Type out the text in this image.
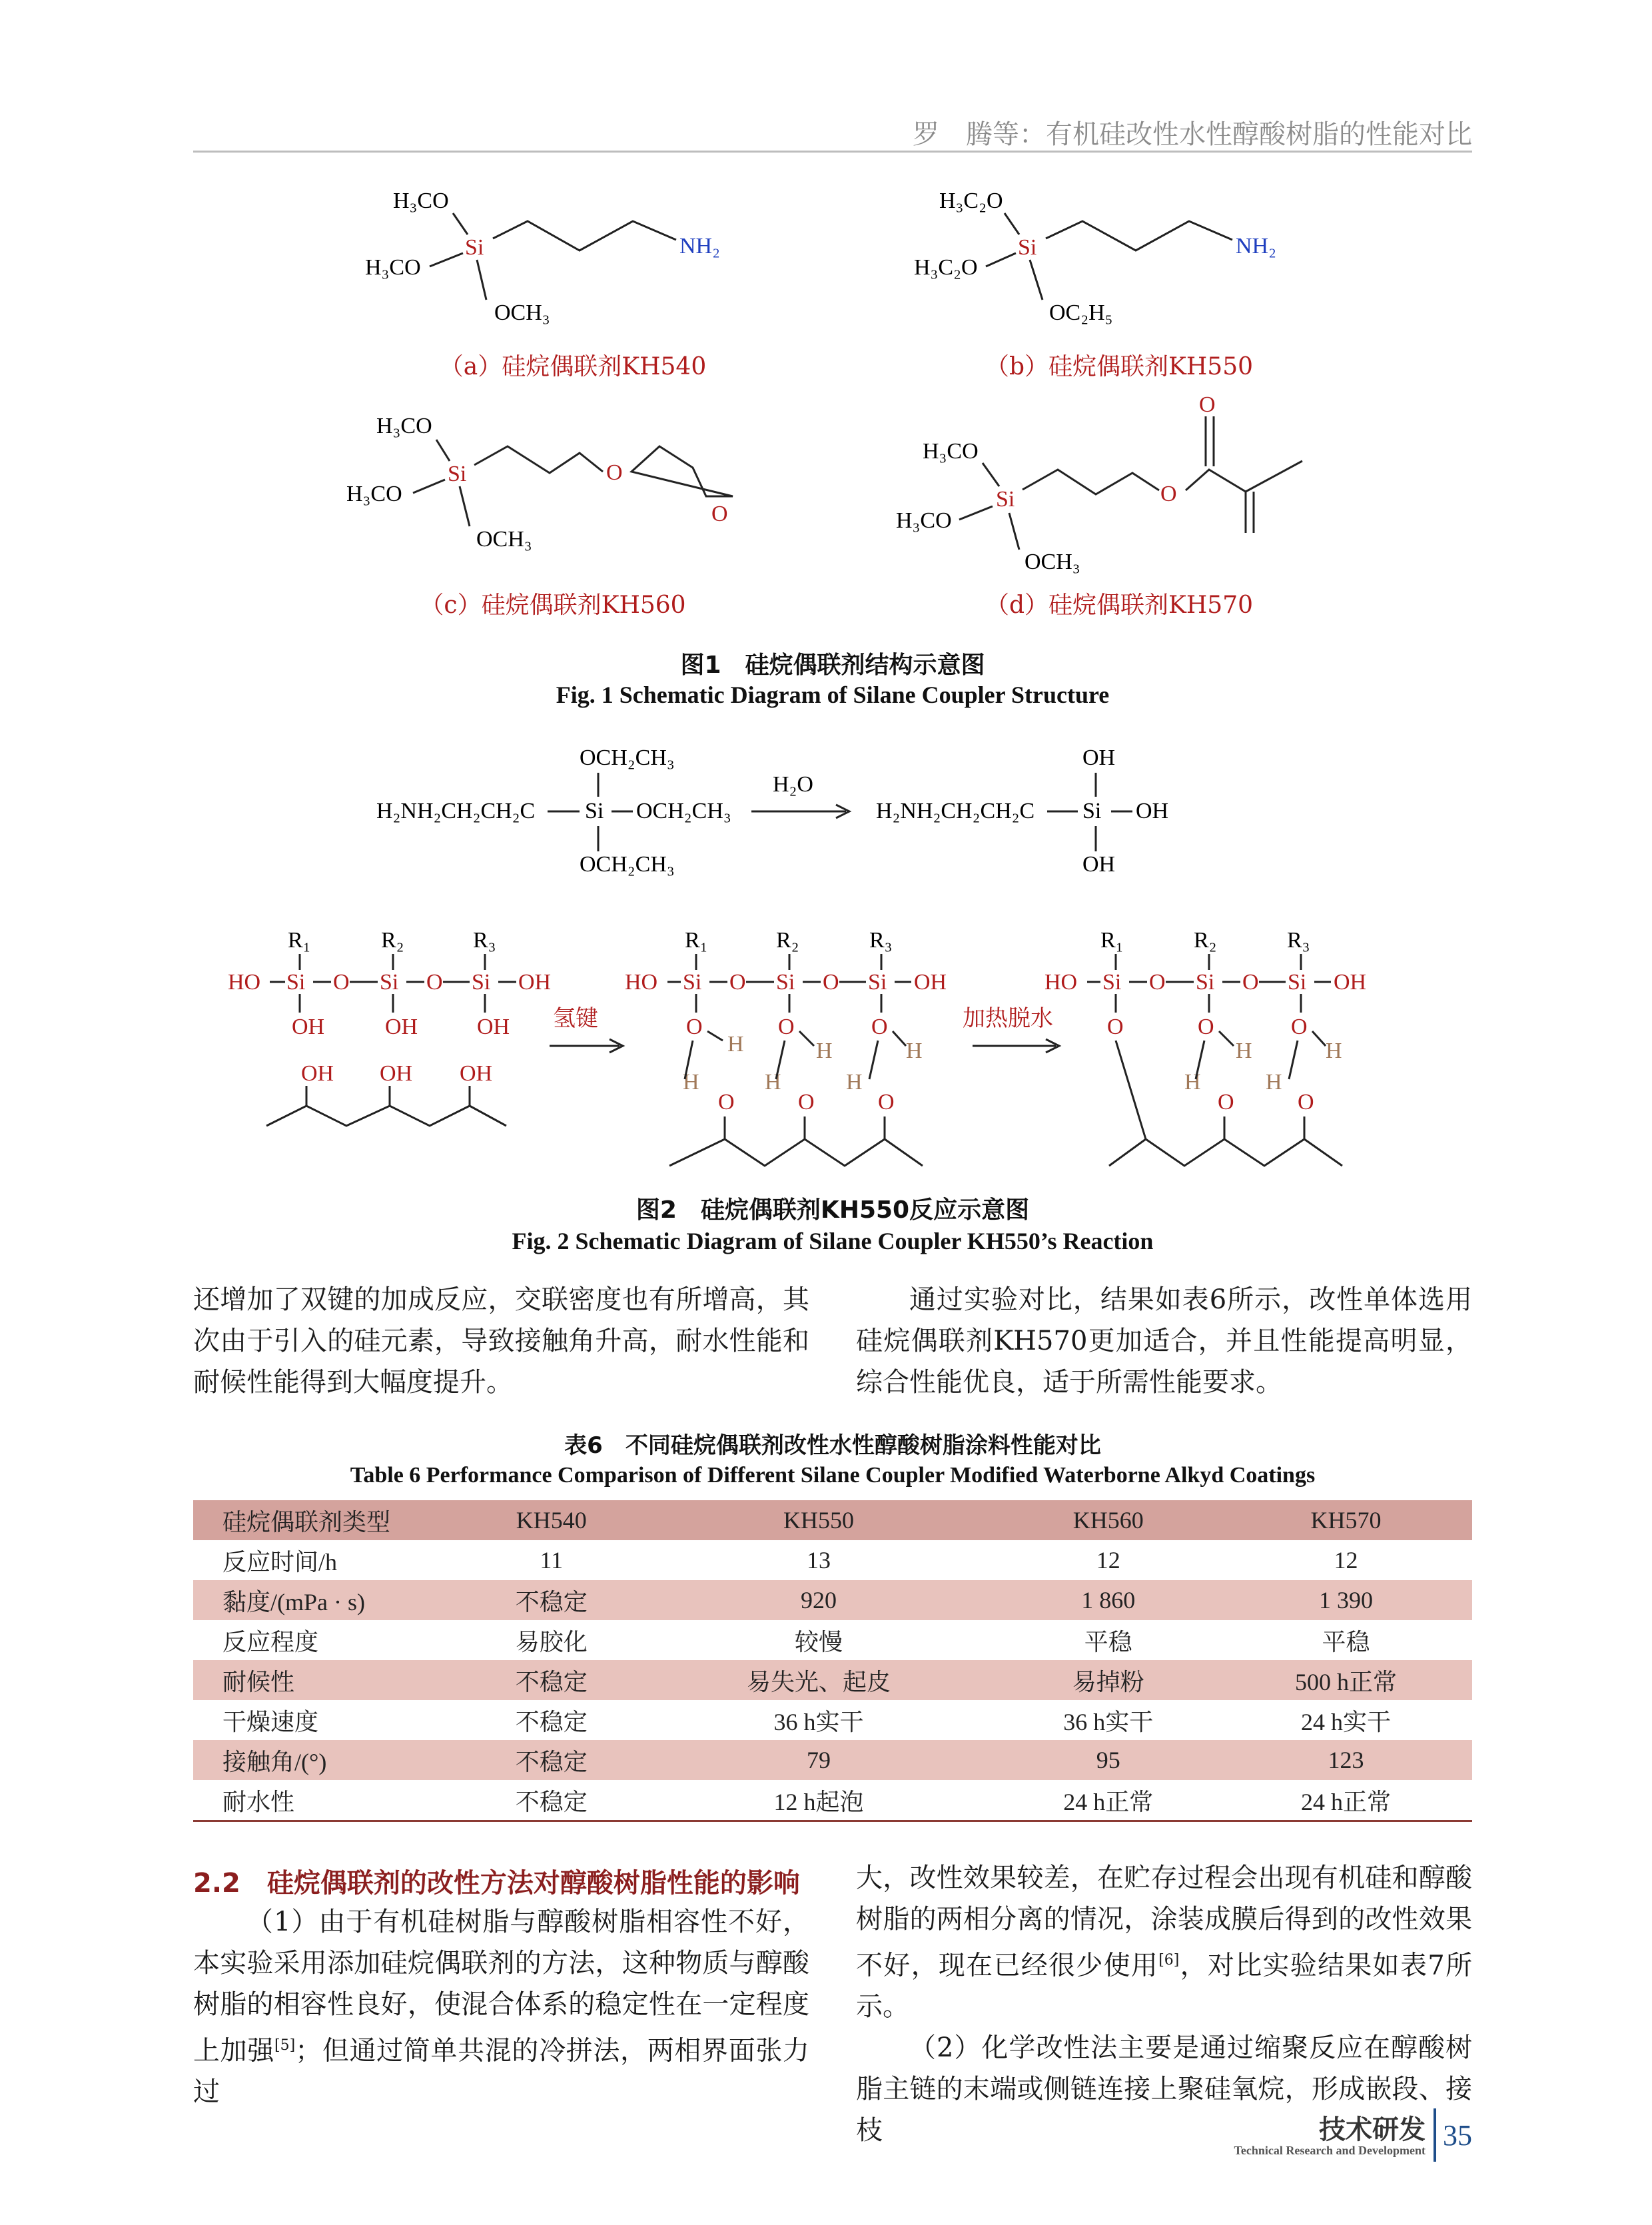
罗　腾等：有机硅改性水性醇酸树脂的性能对比
H₃CO
H₃CO
OCH₃
Si	NH₂
H₃C₂O
H₃C₂O
OC₂H₅
Si	NH₂
H₃CO
H₃CO
OCH₃
Si	O
O
O
H₃CO
H₃CO
OCH₃
Si	O
（a）硅烷偶联剂KH540	（b）硅烷偶联剂KH550
（c）硅烷偶联剂KH560	（d）硅烷偶联剂KH570
图1　硅烷偶联剂结构示意图
Fig. 1 Schematic Diagram of Silane Coupler Structure
OCH₂CH₃
H₂NH₂CH₂CH₂C Si OCH₂CH₃
OCH₂CH₃
H₂O
H₂NH₂CH₂CH₂C Si
OH
OH
OH
R₁	R₂	R₃
HO Si O Si O Si OH
OH	OH	OH
OH OH OH
氢键
R₁	R₂	R₃
HO Si O Si O Si OH
O	O	O
O	O	O
H	H	H
H	H	H
加热脱水
R₁	R₂	R₃
HO Si O Si O Si OH
O	O	O
O	O
H	H
H	H
图2　硅烷偶联剂KH550反应示意图
Fig. 2 Schematic Diagram of Silane Coupler KH550’s Reaction

还增加了双键的加成反应，交联密度也有所增高，其次由于引入的硅元素，导致接触角升高，耐水性能和耐候性能得到大幅度提升。

通过实验对比，结果如表6所示，改性单体选用硅烷偶联剂KH570更加适合，并且性能提高明显，综合性能优良，适于所需性能要求。

表6　不同硅烷偶联剂改性水性醇酸树脂涂料性能对比
Table 6 Performance Comparison of Different Silane Coupler Modified Waterborne Alkyd Coatings
硅烷偶联剂类型	KH540	KH550	KH560	KH570
反应时间/h	11	13	12	12
黏度/(mPa · s)	不稳定	920	1 860	1 390
反应程度	易胶化	较慢	平稳	平稳
耐候性	不稳定	易失光、起皮	易掉粉	500 h正常
干燥速度	不稳定	36 h实干	36 h实干	24 h实干
接触角/(°)	不稳定	79	95	123
耐水性	不稳定	12 h起泡	24 h正常	24 h正常
2.2　硅烷偶联剂的改性方法对醇酸树脂性能的影响

（1）由于有机硅树脂与醇酸树脂相容性不好，本实验采用添加硅烷偶联剂的方法，这种物质与醇酸树脂的相容性良好，使混合体系的稳定性在一定程度上加强[5]；但通过简单共混的冷拼法，两相界面张力过

大，改性效果较差，在贮存过程会出现有机硅和醇酸树脂的两相分离的情况，涂装成膜后得到的改性效果不好，现在已经很少使用[6]，对比实验结果如表7所示。

（2）化学改性法主要是通过缩聚反应在醇酸树脂主链的末端或侧链连接上聚硅氧烷，形成嵌段、接枝	技术研发
Technical Research and Development 35
